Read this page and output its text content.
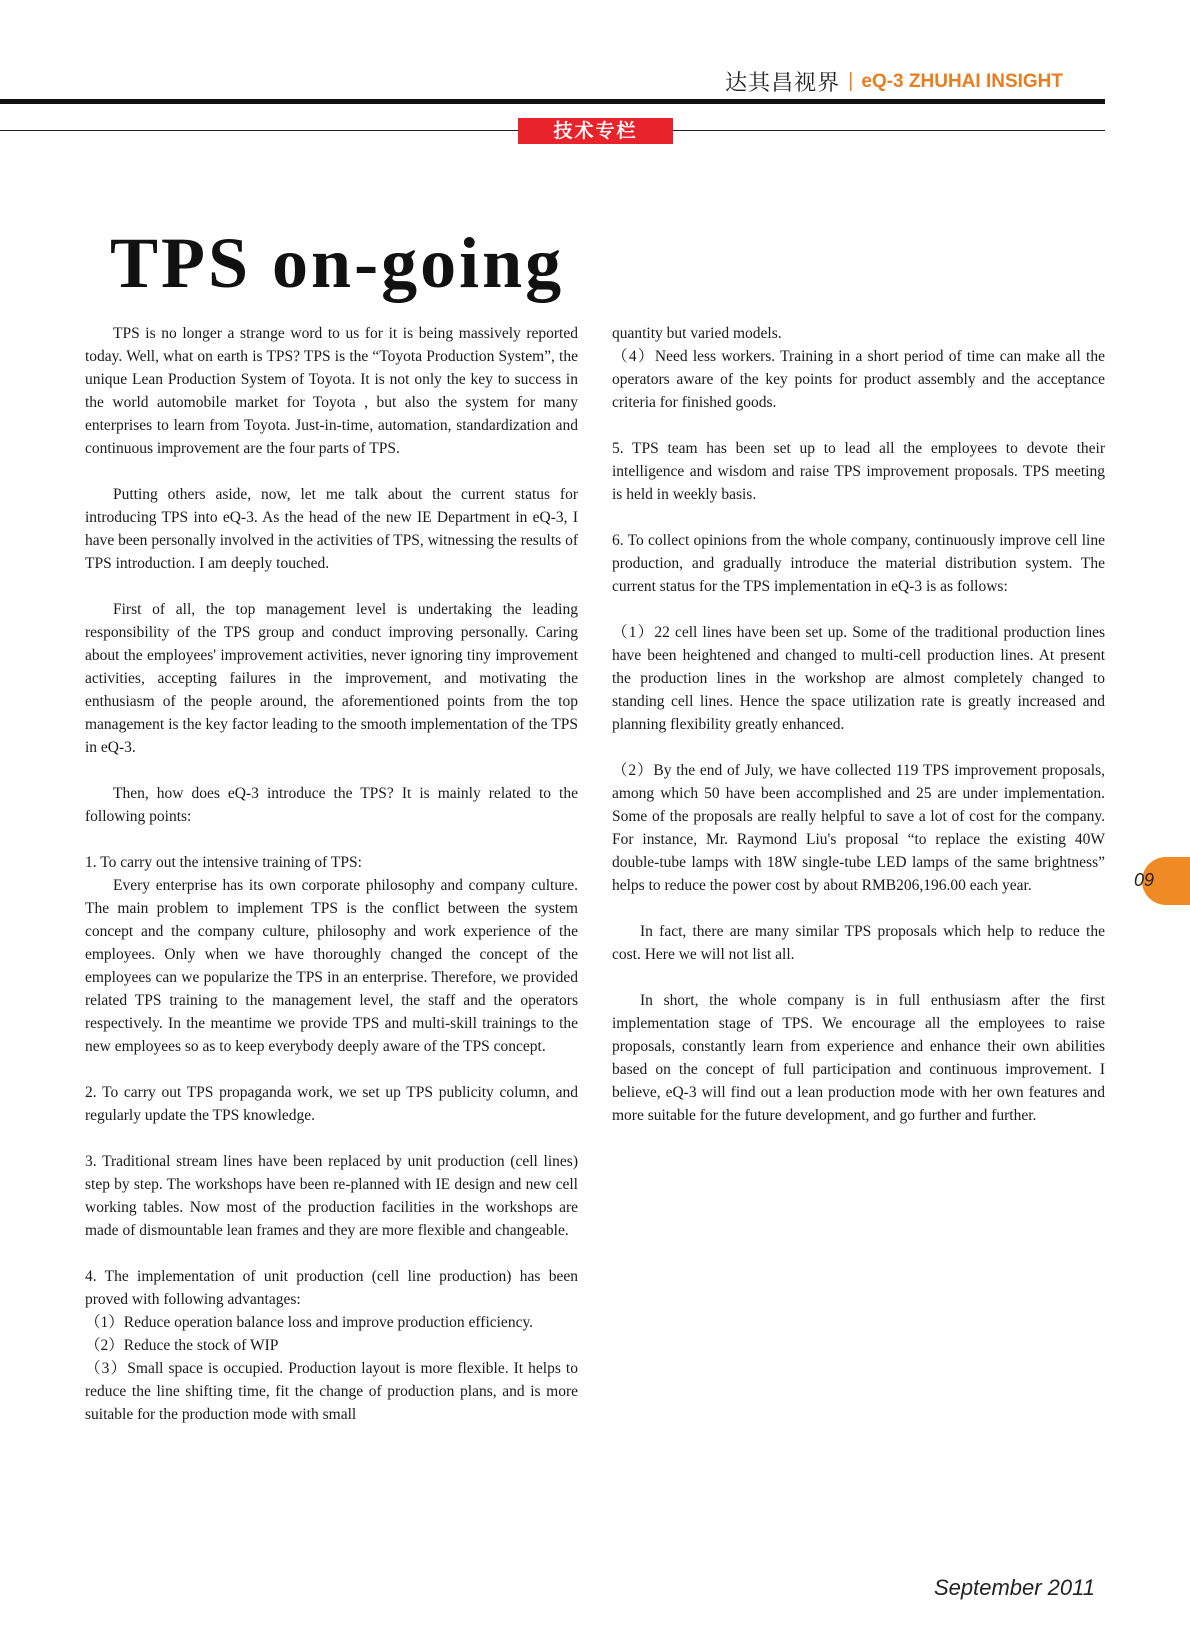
达其昌视界 | eQ-3 ZHUHAI INSIGHT
技术专栏
TPS on-going

TPS is no longer a strange word to us for it is being massively reported today. Well, what on earth is TPS? TPS is the “Toyota Production System”, the unique Lean Production System of Toyota. It is not only the key to success in the world automobile market for Toyota , but also the system for many enterprises to learn from Toyota. Just-in-time, automation, standardization and continuous improvement are the four parts of TPS.

Putting others aside, now, let me talk about the current status for introducing TPS into eQ-3. As the head of the new IE Department in eQ-3, I have been personally involved in the activities of TPS, witnessing the results of TPS introduction. I am deeply touched.

First of all, the top management level is undertaking the leading responsibility of the TPS group and conduct improving personally. Caring about the employees' improvement activities, never ignoring tiny improvement activities, accepting failures in the improvement, and motivating the enthusiasm of the people around, the aforementioned points from the top management is the key factor leading to the smooth implementation of the TPS in eQ-3.

Then, how does eQ-3 introduce the TPS? It is mainly related to the following points:

1. To carry out the intensive training of TPS:

Every enterprise has its own corporate philosophy and company culture. The main problem to implement TPS is the conflict between the system concept and the company culture, philosophy and work experience of the employees. Only when we have thoroughly changed the concept of the employees can we popularize the TPS in an enterprise. Therefore, we provided related TPS training to the management level, the staff and the operators respectively. In the meantime we provide TPS and multi-skill trainings to the new employees so as to keep everybody deeply aware of the TPS concept.

2. To carry out TPS propaganda work, we set up TPS publicity column, and regularly update the TPS knowledge.

3. Traditional stream lines have been replaced by unit production (cell lines) step by step. The workshops have been re-planned with IE design and new cell working tables. Now most of the production facilities in the workshops are made of dismountable lean frames and they are more flexible and changeable.

4. The implementation of unit production (cell line production) has been proved with following advantages:

（1）Reduce operation balance loss and improve production efficiency.

（2）Reduce the stock of WIP

（3）Small space is occupied. Production layout is more flexible. It helps to reduce the line shifting time, fit the change of production plans, and is more suitable for the production mode with small

quantity but varied models.

（4）Need less workers. Training in a short period of time can make all the operators aware of the key points for product assembly and the acceptance criteria for finished goods.

5. TPS team has been set up to lead all the employees to devote their intelligence and wisdom and raise TPS improvement proposals. TPS meeting is held in weekly basis.

6. To collect opinions from the whole company, continuously improve cell line production, and gradually introduce the material distribution system. The current status for the TPS implementation in eQ-3 is as follows:

（1）22 cell lines have been set up. Some of the traditional production lines have been heightened and changed to multi-cell production lines. At present the production lines in the workshop are almost completely changed to standing cell lines. Hence the space utilization rate is greatly increased and planning flexibility greatly enhanced.

（2）By the end of July, we have collected 119 TPS improvement proposals, among which 50 have been accomplished and 25 are under implementation. Some of the proposals are really helpful to save a lot of cost for the company. For instance, Mr. Raymond Liu's proposal “to replace the existing 40W double-tube lamps with 18W single-tube LED lamps of the same brightness” helps to reduce the power cost by about RMB206,196.00 each year.

In fact, there are many similar TPS proposals which help to reduce the cost. Here we will not list all.

In short, the whole company is in full enthusiasm after the first implementation stage of TPS. We encourage all the employees to raise proposals, constantly learn from experience and enhance their own abilities based on the concept of full participation and continuous improvement. I believe, eQ-3 will find out a lean production mode with her own features and more suitable for the future development, and go further and further.

09
September 2011
